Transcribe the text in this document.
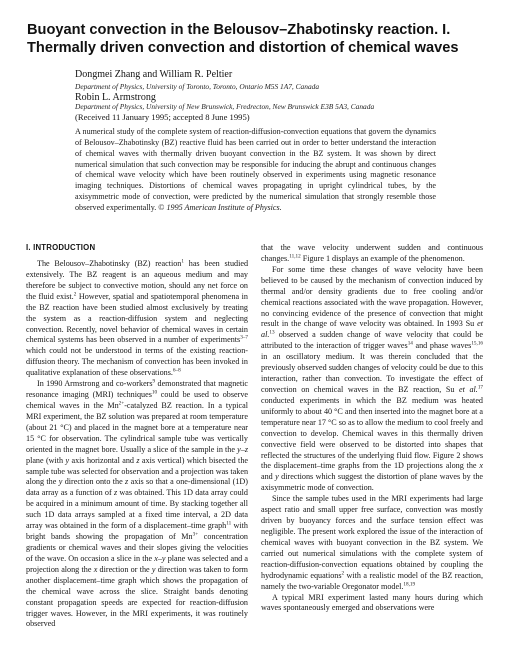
Buoyant convection in the Belousov–Zhabotinsky reaction. I. Thermally driven convection and distortion of chemical waves
Dongmei Zhang and William R. Peltier
Department of Physics, University of Toronto, Toronto, Ontario M5S 1A7, Canada
Robin L. Armstrong
Department of Physics, University of New Brunswick, Fredrecton, New Brunswick E3B 5A3, Canada
(Received 11 January 1995; accepted 8 June 1995)
A numerical study of the complete system of reaction-diffusion-convection equations that govern the dynamics of Belousov–Zhabotinsky (BZ) reactive fluid has been carried out in order to better understand the interaction of chemical waves with thermally driven buoyant convection in the BZ system. It was shown by direct numerical simulation that such convection may be responsible for inducing the abrupt and continuous changes of chemical wave velocity which have been routinely observed in experiments using magnetic resonance imaging techniques. Distortions of chemical waves propagating in upright cylindrical tubes, by the axisymmetric mode of convection, were predicted by the numerical simulation that strongly resemble those observed experimentally. © 1995 American Institute of Physics.
I. INTRODUCTION

The Belousov–Zhabotinsky (BZ) reaction$^1$ has been studied extensively. The BZ reagent is an aqueous medium and may therefore be subject to convective motion, should any net force on the fluid exist.$^2$ However, spatial and spatiotemporal phenomena in the BZ reaction have been studied almost exclusively by treating the system as a reaction-diffusion system and neglecting convection. Recently, novel behavior of chemical waves in certain chemical systems has been observed in a number of experiments$^{3-7}$ which could not be understood in terms of the existing reaction-diffusion theory. The mechanism of convection has been invoked in qualitative explanation of these observations.$^{6-8}$

In 1990 Armstrong and co-workers$^9$ demonstrated that magnetic resonance imaging (MRI) techniques$^{10}$ could be used to observe chemical waves in the Mn$^{2+}$-catalyzed BZ reaction. In a typical MRI experiment, the BZ solution was prepared at room temperature (about 21 °C) and placed in the magnet bore at a temperature near 15 °C for observation. The cylindrical sample tube was vertically oriented in the magnet bore. Usually a slice of the sample in the y–z plane (with y axis horizontal and z axis vertical) which bisected the sample tube was selected for observation and a projection was taken along the y direction onto the z axis so that a one-dimensional (1D) data array as a function of z was obtained. This 1D data array could be acquired in a minimum amount of time. By stacking together all such 1D data arrays sampled at a fixed time interval, a 2D data array was obtained in the form of a displacement–time graph$^{11}$ with bright bands showing the propagation of Mn$^{3+}$ concentration gradients or chemical waves and their slopes giving the velocities of the wave. On occasion a slice in the x–y plane was selected and a projection along the x direction or the y direction was taken to form another displacement–time graph which shows the propagation of the chemical wave across the slice. Straight bands denoting constant propagation speeds are expected for reaction-diffusion trigger waves. However, in the MRI experiments, it was routinely observed

that the wave velocity underwent sudden and continuous changes.$^{11,12}$ Figure 1 displays an example of the phenomenon.

For some time these changes of wave velocity have been believed to be caused by the mechanism of convection induced by thermal and/or density gradients due to free cooling and/or chemical reactions associated with the wave propagation. However, no convincing evidence of the presence of convection that might result in the change of wave velocity was obtained. In 1993 Su et al.$^{13}$ observed a sudden change of wave velocity that could be attributed to the interaction of trigger waves$^{14}$ and phase waves$^{15,16}$ in an oscillatory medium. It was therein concluded that the previously observed sudden changes of velocity could be due to this interaction, rather than convection. To investigate the effect of convection on chemical waves in the BZ reaction, Su et al.$^{17}$ conducted experiments in which the BZ medium was heated uniformly to about 40 °C and then inserted into the magnet bore at a temperature near 17 °C so as to allow the medium to cool freely and convection to develop. Chemical waves in this thermally driven convective field were observed to be distorted into shapes that reflected the structures of the underlying fluid flow. Figure 2 shows the displacement–time graphs from the 1D projections along the x and y directions which suggest the distortion of plane waves by the axisymmetric mode of convection.

Since the sample tubes used in the MRI experiments had large aspect ratio and small upper free surface, convection was mostly driven by buoyancy forces and the surface tension effect was negligible. The present work explored the issue of the interaction of chemical waves with buoyant convection in the BZ system. We carried out numerical simulations with the complete system of reaction-diffusion-convection equations obtained by coupling the hydrodynamic equations$^2$ with a realistic model of the BZ reaction, namely the two-variable Oregonator model.$^{18,19}$

A typical MRI experiment lasted many hours during which waves spontaneously emerged and observations were
